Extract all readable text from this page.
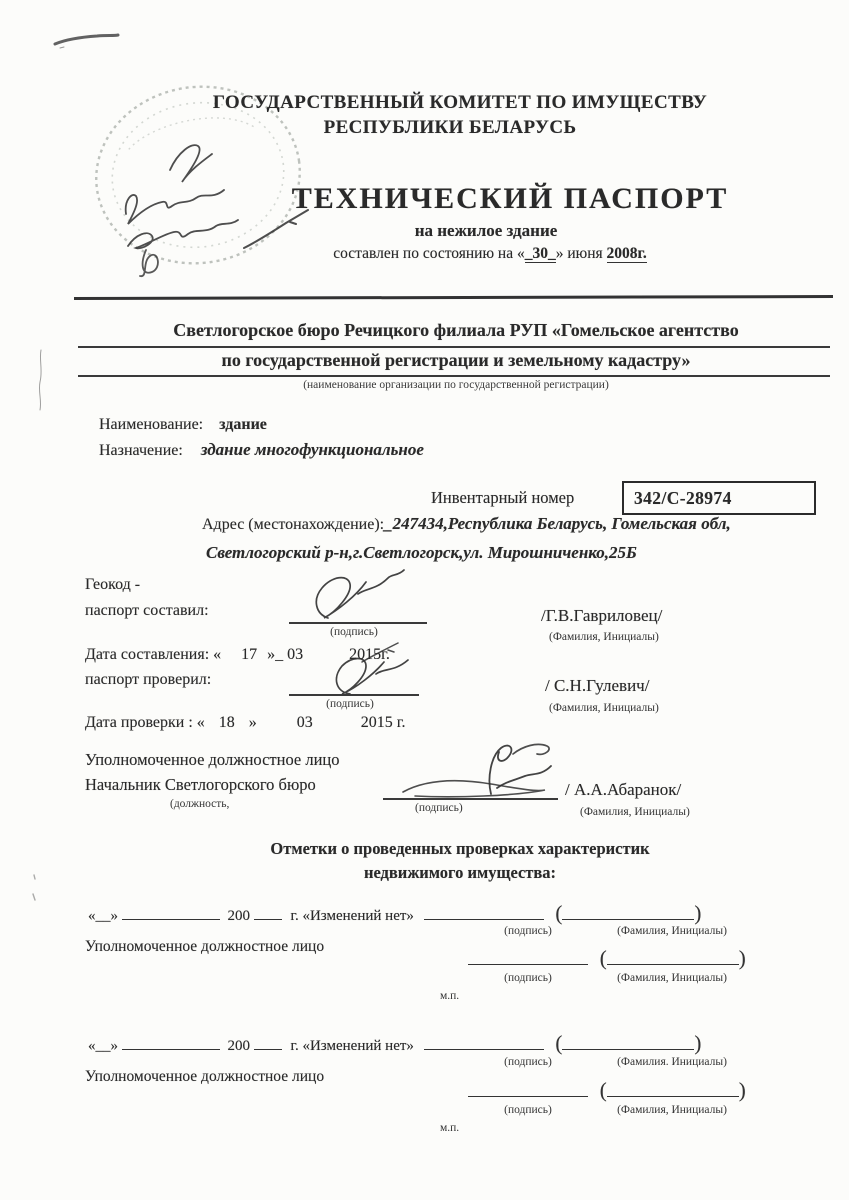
ГОСУДАРСТВЕННЫЙ КОМИТЕТ ПО ИМУЩЕСТВУ
РЕСПУБЛИКИ БЕЛАРУСЬ
ТЕХНИЧЕСКИЙ ПАСПОРТ
на нежилое здание
составлен по состоянию на «_30_» июня 2008г.
Светлогорское бюро Речицкого филиала РУП «Гомельское агентство
по государственной регистрации и земельному кадастру»
(наименование организации по государственной регистрации)
Наименование: здание
Назначение: здание многофункциональное
Инвентарный номер	342/С-28974
Адрес (местонахождение):_247434,Республика Беларусь, Гомельская обл,
Светлогорский р-н,г.Светлогорск,ул. Мирошниченко,25Б
Геокод -
паспорт составил:
(подпись)
/Г.В.Гавриловец/
(Фамилия, Инициалы)
Дата составления: « 17 »_ 03	2015г.
паспорт проверил:
(подпись)
/ С.Н.Гулевич/
(Фамилия, Инициалы)
Дата проверки : « 18 »	03	2015 г.
Уполномоченное должностное лицо
Начальник Светлогорского бюро	/ А.А.Абаранок/
(должность,	(подпись)	(Фамилия, Инициалы)
Отметки о проведенных проверках характеристик
недвижимого имущества:
«__»	200	г. «Изменений нет»	(	)
(подпись)	(Фамилия, Инициалы)
Уполномоченное должностное лицо	(	)
(подпись)	(Фамилия, Инициалы)
м.п.
«__»	200	г. «Изменений нет»	(	)
(подпись)	(Фамилия. Инициалы)
Уполномоченное должностное лицо
(	)
(подпись)	(Фамилия, Инициалы)
м.п.
